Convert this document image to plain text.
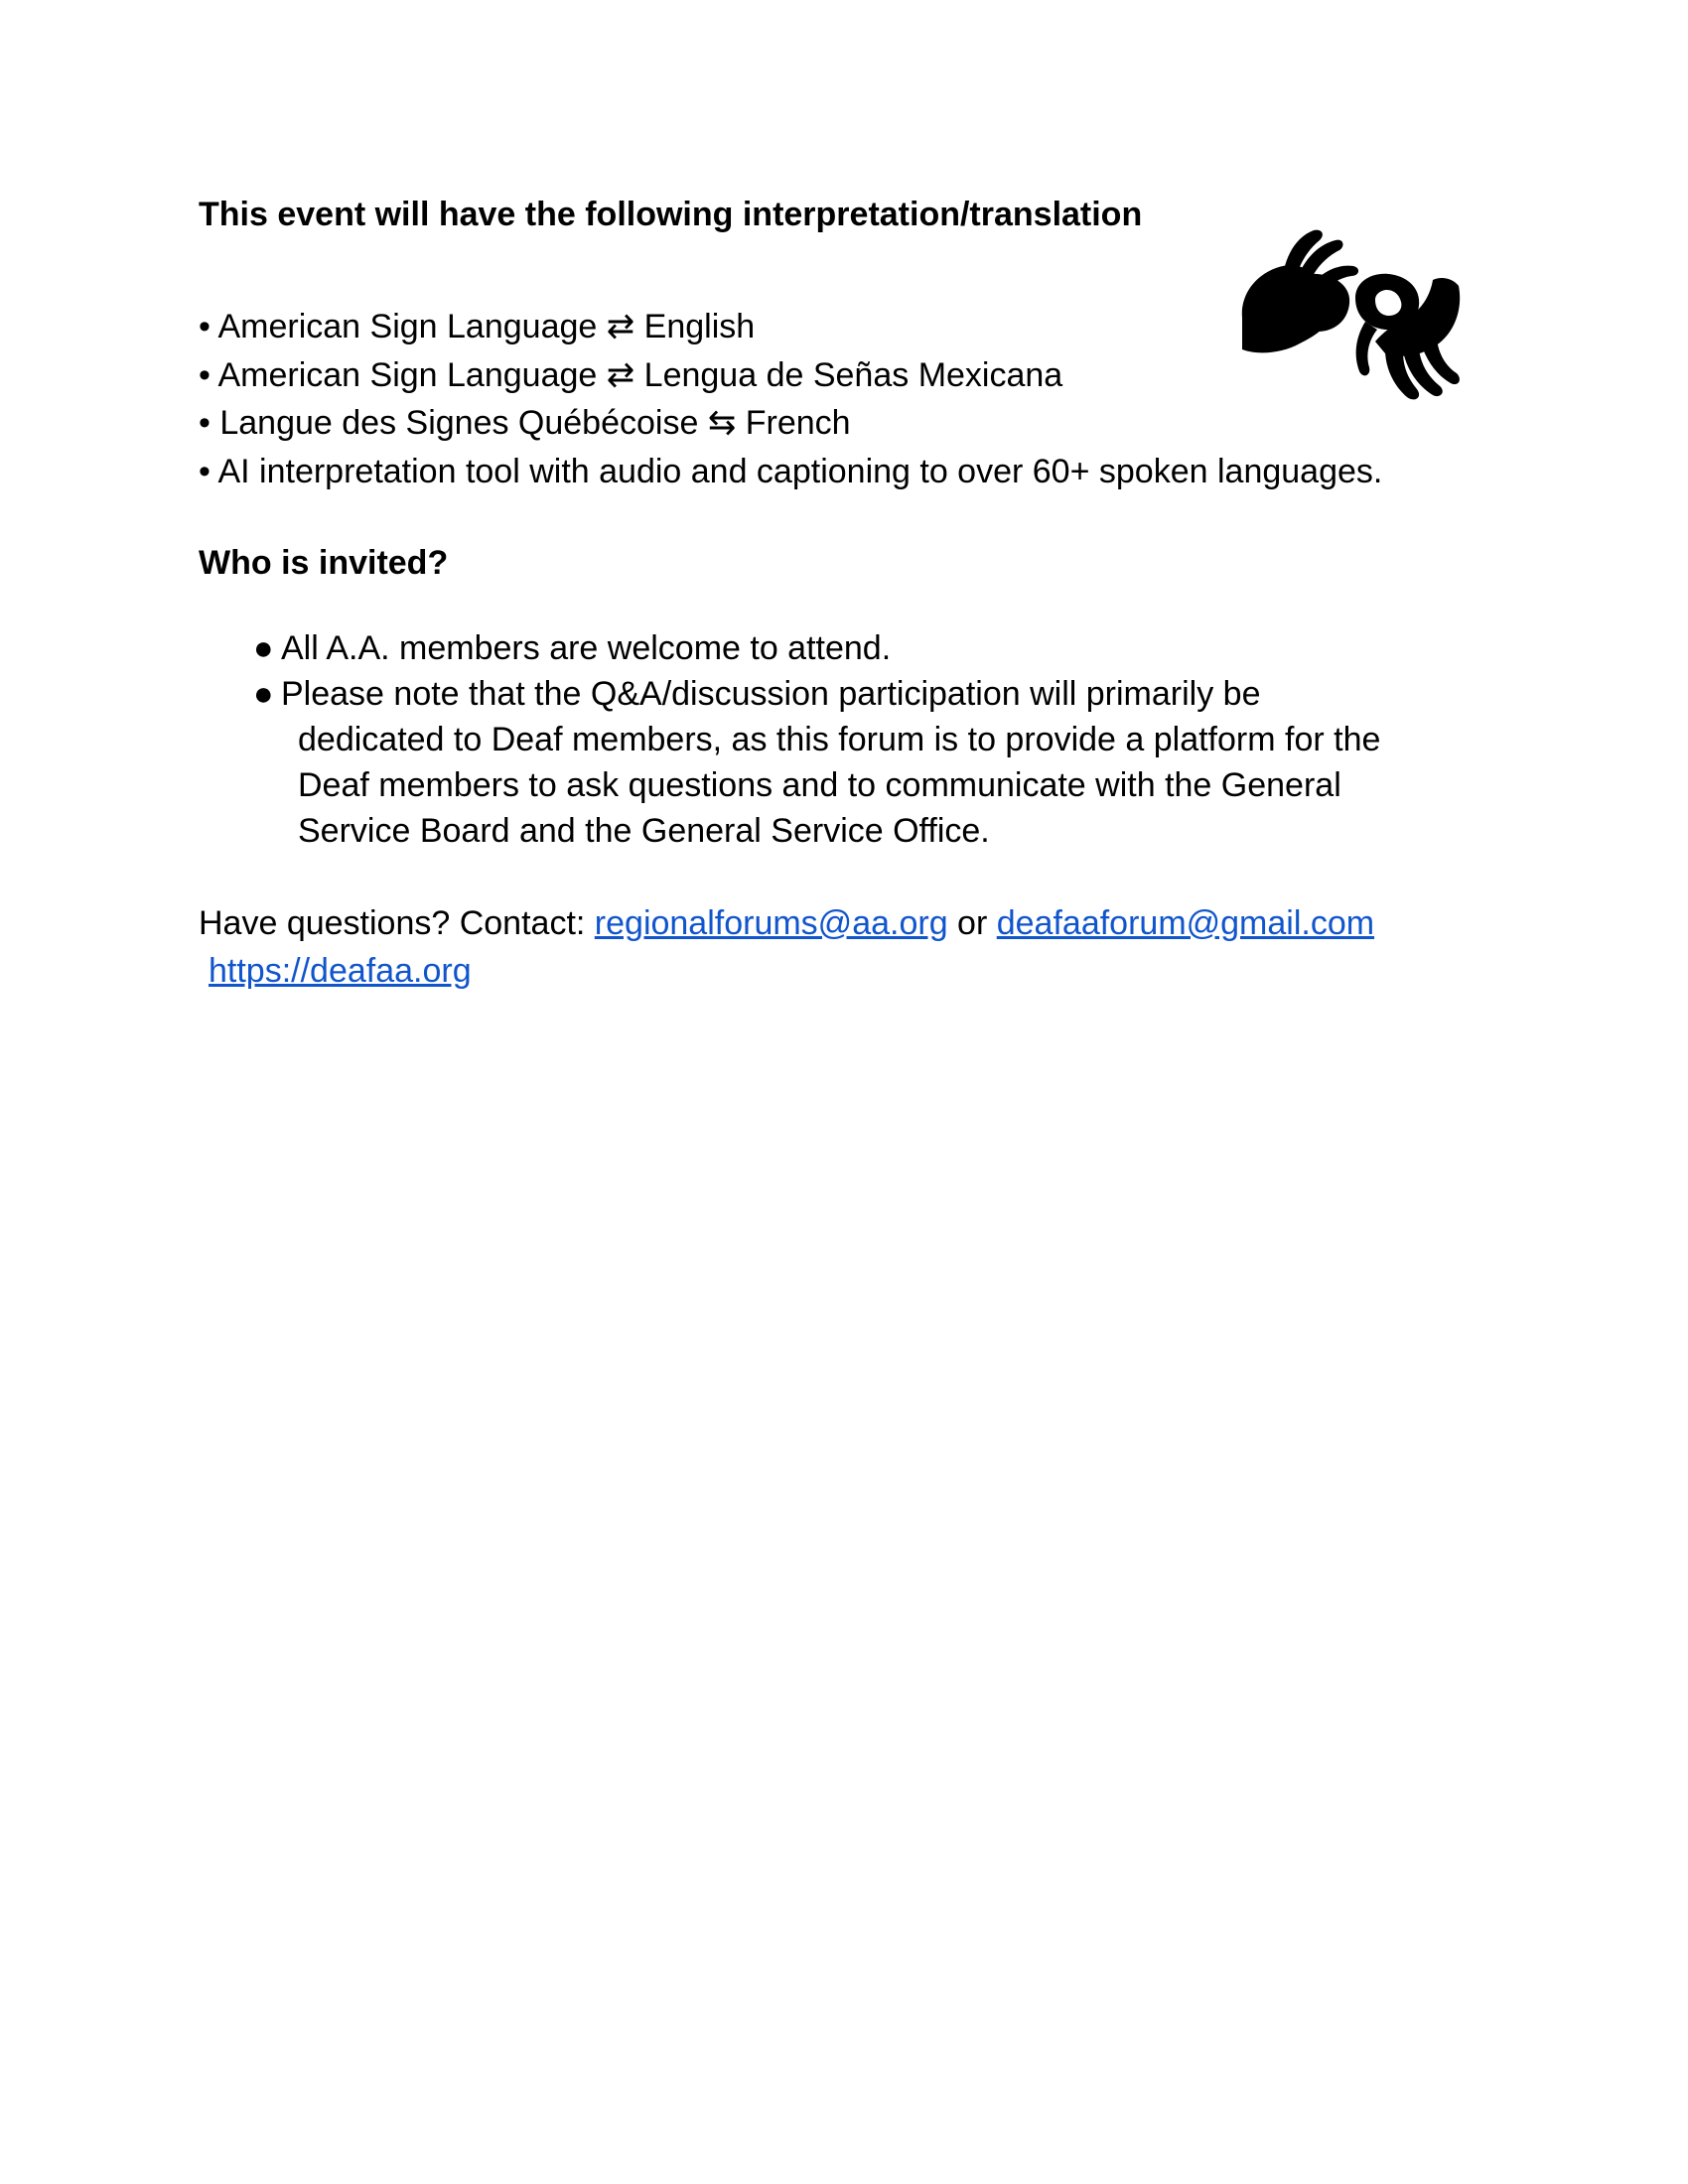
This event will have the following interpretation/translation
• American Sign Language ⇄ English
• American Sign Language ⇄ Lengua de Señas Mexicana
• Langue des Signes Québécoise ⇆ French
• AI interpretation tool with audio and captioning to over 60+ spoken languages.
Who is invited?
● All A.A. members are welcome to attend.
● Please note that the Q&A/discussion participation will primarily be
dedicated to Deaf members, as this forum is to provide a platform for the
Deaf members to ask questions and to communicate with the General
Service Board and the General Service Office.
Have questions? Contact: regionalforums@aa.org or deafaaforum@gmail.com
https://deafaa.org
